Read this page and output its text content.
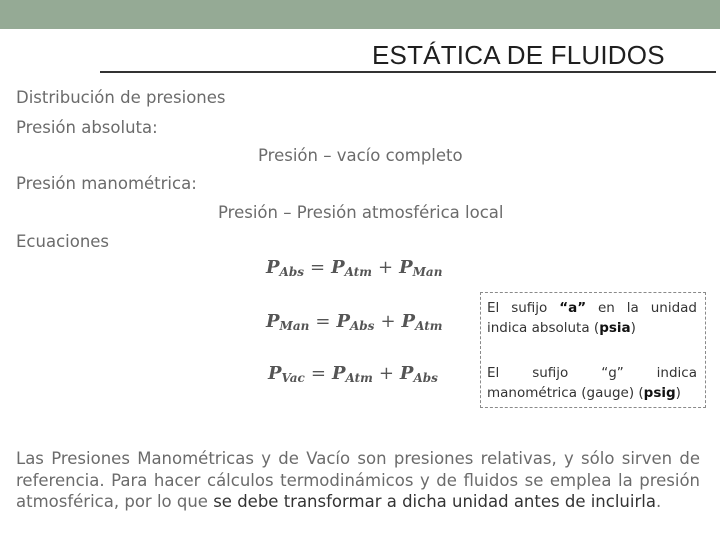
ESTÁTICA DE FLUIDOS
Distribución de presiones
Presión absoluta:
Presión – vacío completo
Presión manométrica:
Presión – Presión atmosférica local
Ecuaciones
$P_{Abs} = P_{Atm} + P_{Man}$
$P_{Man} = P_{Abs} + P_{Atm}$
$P_{Vac} = P_{Atm} + P_{Abs}$

El sufijo “a” en la unidad indica absoluta (psia)

El sufijo “g” indica manométrica (gauge) (psig)

Las Presiones Manométricas y de Vacío son presiones relativas, y sólo sirven de referencia. Para hacer cálculos termodinámicos y de fluidos se emplea la presión atmosférica, por lo que se debe transformar a dicha unidad antes de incluirla.
